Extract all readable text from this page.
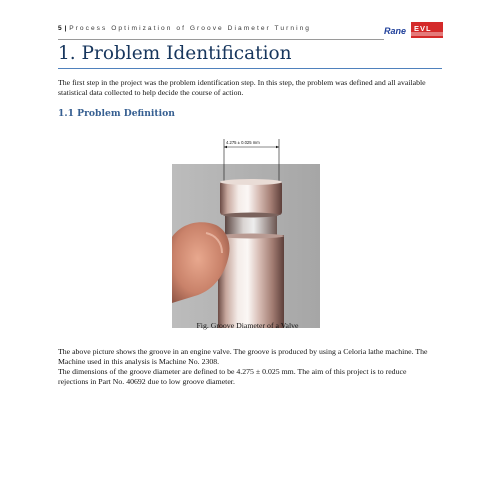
5 | Process Optimization of Groove Diameter Turning	Rane EVL
1. Problem Identification
The first step in the project was the problem identification step. In this step, the problem was defined and all available statistical data collected to help decide the course of action.
1.1 Problem Definition
4.275 ± 0.025 mm
Fig. Groove Diameter of a Valve
The above picture shows the groove in an engine valve. The groove is produced by using a Celoria lathe machine. The Machine used in this analysis is Machine No. 2308.
The dimensions of the groove diameter are defined to be 4.275 ± 0.025 mm. The aim of this project is to reduce rejections in Part No. 40692 due to low groove diameter.
